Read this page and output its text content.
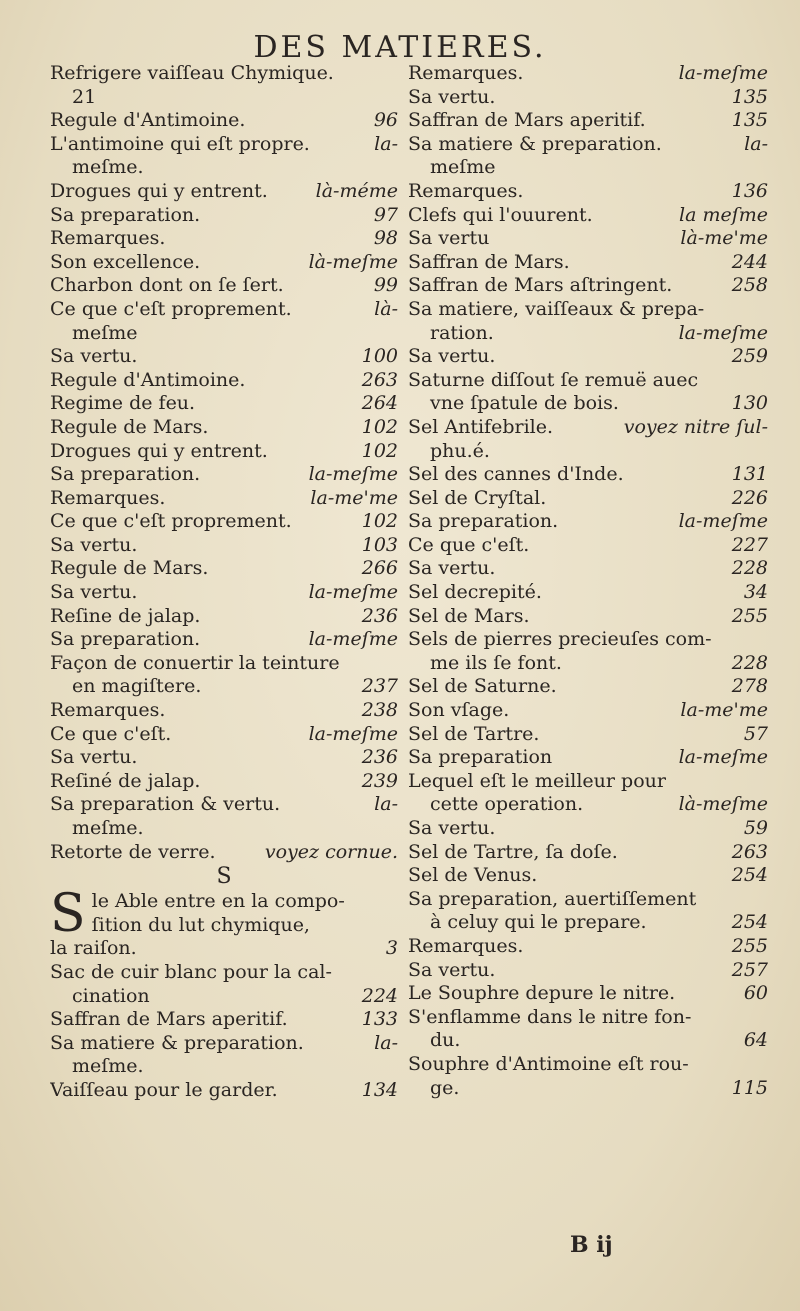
DES MATIERES.
Refrigere vaiſſeau Chymique.
21
Regule d'Antimoine.	96
L'antimoine qui eſt propre.	la-
meſme.
Drogues qui y entrent.	là-méme
Sa preparation.	97
Remarques.	98
Son excellence.	là-meſme
Charbon dont on ſe ſert.	99
Ce que c'eſt proprement.	là-
meſme
Sa vertu.	100
Regule d'Antimoine.	263
Regime de feu.	264
Regule de Mars.	102
Drogues qui y entrent.	102
Sa preparation.	la-meſme
Remarques.	la-me'me
Ce que c'eſt proprement.	102
Sa vertu.	103
Regule de Mars.	266
Sa vertu.	la-meſme
Reſine de jalap.	236
Sa preparation.	la-meſme
Façon de conuertir la teinture
en magiſtere.	237
Remarques.	238
Ce que c'eſt.	la-meſme
Sa vertu.	236
Reſiné de jalap.	239
Sa preparation & vertu.	la-
meſme.
Retorte de verre.	voyez cornue.
S
S le Able entre en la compo-
ſition du lut chymique,
la raiſon.	3
Sac de cuir blanc pour la cal-
cination	224
Saffran de Mars aperitif.	133
Sa matiere & preparation.	la-
meſme.
Vaiſſeau pour le garder.	134
Remarques.	la-meſme
Sa vertu.	135
Saffran de Mars aperitif.	135
Sa matiere & preparation.	la-
meſme
Remarques.	136
Clefs qui l'ouurent.	la meſme
Sa vertu	là-me'me
Saffran de Mars.	244
Saffran de Mars aſtringent.	258
Sa matiere, vaiſſeaux & prepa-
ration.	la-meſme
Sa vertu.	259
Saturne diſſout ſe remuë auec
vne ſpatule de bois.	130
Sel Antifebrile.	voyez nitre ſul-
phu.é.
Sel des cannes d'Inde.	131
Sel de Cryſtal.	226
Sa preparation.	la-meſme
Ce que c'eſt.	227
Sa vertu.	228
Sel decrepité.	34
Sel de Mars.	255
Sels de pierres precieuſes com-
me ils ſe font.	228
Sel de Saturne.	278
Son vſage.	la-me'me
Sel de Tartre.	57
Sa preparation	la-meſme
Lequel eſt le meilleur pour
cette operation.	là-meſme
Sa vertu.	59
Sel de Tartre, ſa doſe.	263
Sel de Venus.	254
Sa preparation, auertiſſement
à celuy qui le prepare.	254
Remarques.	255
Sa vertu.	257
Le Souphre depure le nitre.	60
S'enflamme dans le nitre fon-
du.	64
Souphre d'Antimoine eſt rou-
ge.	115
B ij
